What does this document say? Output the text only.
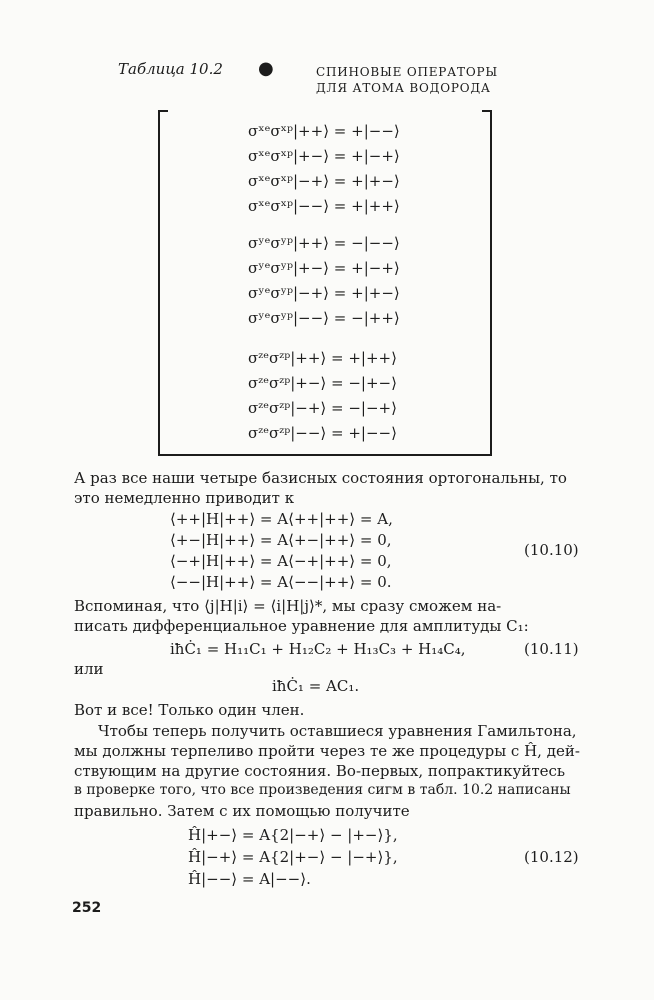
Таблица 10.2 ●	СПИНОВЫЕ ОПЕРАТОРЫ
ДЛЯ АТОМА ВОДОРОДА
σˣᵉσˣᵖ|++⟩ = +|−−⟩
σˣᵉσˣᵖ|+−⟩ = +|−+⟩
σˣᵉσˣᵖ|−+⟩ = +|+−⟩
σˣᵉσˣᵖ|−−⟩ = +|++⟩
σʸᵉσʸᵖ|++⟩ = −|−−⟩
σʸᵉσʸᵖ|+−⟩ = +|−+⟩
σʸᵉσʸᵖ|−+⟩ = +|+−⟩
σʸᵉσʸᵖ|−−⟩ = −|++⟩
σᶻᵉσᶻᵖ|++⟩ = +|++⟩
σᶻᵉσᶻᵖ|+−⟩ = −|+−⟩
σᶻᵉσᶻᵖ|−+⟩ = −|−+⟩
σᶻᵉσᶻᵖ|−−⟩ = +|−−⟩
А раз все наши четыре базисных состояния ортогональны, то
это немедленно приводит к
⟨++|H|++⟩ = A⟨++|++⟩ = A,
⟨+−|H|++⟩ = A⟨+−|++⟩ = 0,
⟨−+|H|++⟩ = A⟨−+|++⟩ = 0,
⟨−−|H|++⟩ = A⟨−−|++⟩ = 0.
(10.10)
Вспоминая, что ⟨j|H|i⟩ = ⟨i|H|j⟩*, мы сразу сможем на-
писать дифференциальное уравнение для амплитуды C₁:
iħĊ₁ = H₁₁C₁ + H₁₂C₂ + H₁₃C₃ + H₁₄C₄,	(10.11)
или
iħĊ₁ = AC₁.
Вот и все! Только один член.
Чтобы теперь получить оставшиеся уравнения Гамильтона,
мы должны терпеливо пройти через те же процедуры с Ĥ, дей-
ствующим на другие состояния. Во-первых, попрактикуйтесь
в проверке того, что все произведения сигм в табл. 10.2 написаны
правильно. Затем с их помощью получите
Ĥ|+−⟩ = A{2|−+⟩ − |+−⟩},
Ĥ|−+⟩ = A{2|+−⟩ − |−+⟩},
Ĥ|−−⟩ = A|−−⟩.
(10.12)
252
